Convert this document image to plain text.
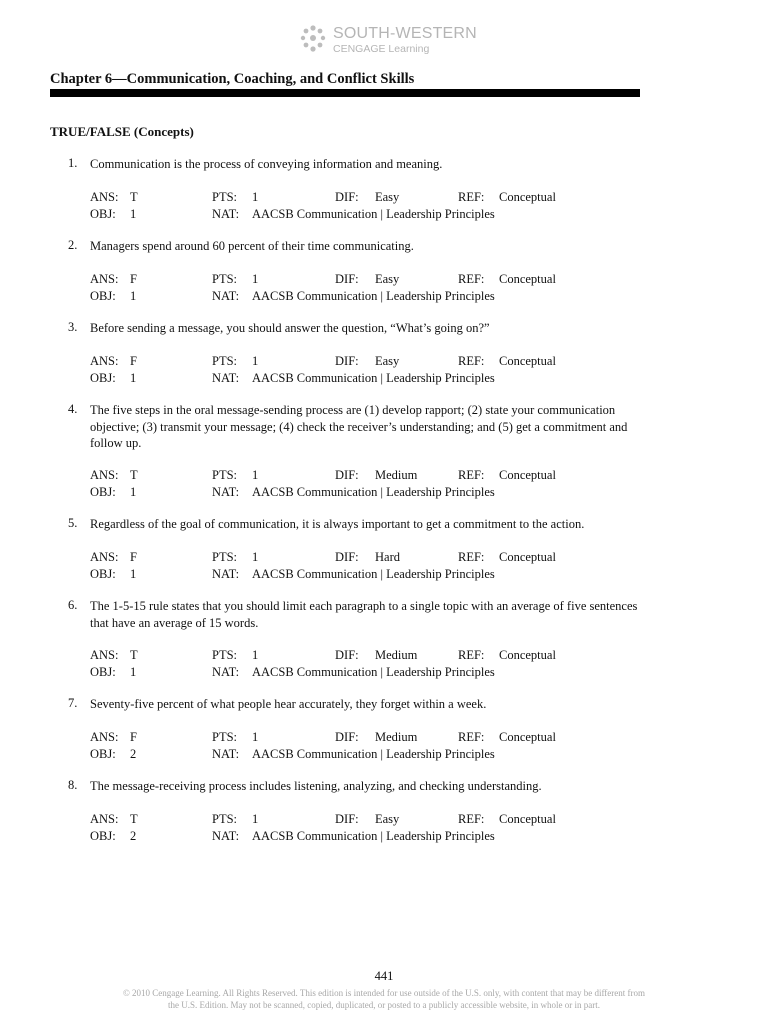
SOUTH-WESTERN
CENGAGE Learning
Chapter 6—Communication, Coaching, and Conflict Skills
TRUE/FALSE (Concepts)
1.	Communication is the process of conveying information and meaning.
ANS: T	PTS: 1	DIF: Easy	REF: Conceptual
OBJ: 1	NAT: AACSB Communication | Leadership Principles
2.	Managers spend around 60 percent of their time communicating.
ANS: F	PTS: 1	DIF: Easy	REF: Conceptual
OBJ: 1	NAT: AACSB Communication | Leadership Principles
3.	Before sending a message, you should answer the question, “What’s going on?”
ANS: F	PTS: 1	DIF: Easy	REF: Conceptual
OBJ: 1	NAT: AACSB Communication | Leadership Principles
4.	The five steps in the oral message-sending process are (1) develop rapport; (2) state your communication objective; (3) transmit your message; (4) check the receiver’s understanding; and (5) get a commitment and follow up.
ANS: T	PTS: 1	DIF: Medium	REF: Conceptual
OBJ: 1	NAT: AACSB Communication | Leadership Principles
5.	Regardless of the goal of communication, it is always important to get a commitment to the action.
ANS: F	PTS: 1	DIF: Hard	REF: Conceptual
OBJ: 1	NAT: AACSB Communication | Leadership Principles
6.	The 1-5-15 rule states that you should limit each paragraph to a single topic with an average of five sentences that have an average of 15 words.
ANS: T	PTS: 1	DIF: Medium	REF: Conceptual
OBJ: 1	NAT: AACSB Communication | Leadership Principles
7.	Seventy-five percent of what people hear accurately, they forget within a week.
ANS: F	PTS: 1	DIF: Medium	REF: Conceptual
OBJ: 2	NAT: AACSB Communication | Leadership Principles
8.	The message-receiving process includes listening, analyzing, and checking understanding.
ANS: T	PTS: 1	DIF: Easy	REF: Conceptual
OBJ: 2	NAT: AACSB Communication | Leadership Principles
441
© 2010 Cengage Learning. All Rights Reserved. This edition is intended for use outside of the U.S. only, with content that may be different from
the U.S. Edition. May not be scanned, copied, duplicated, or posted to a publicly accessible website, in whole or in part.
